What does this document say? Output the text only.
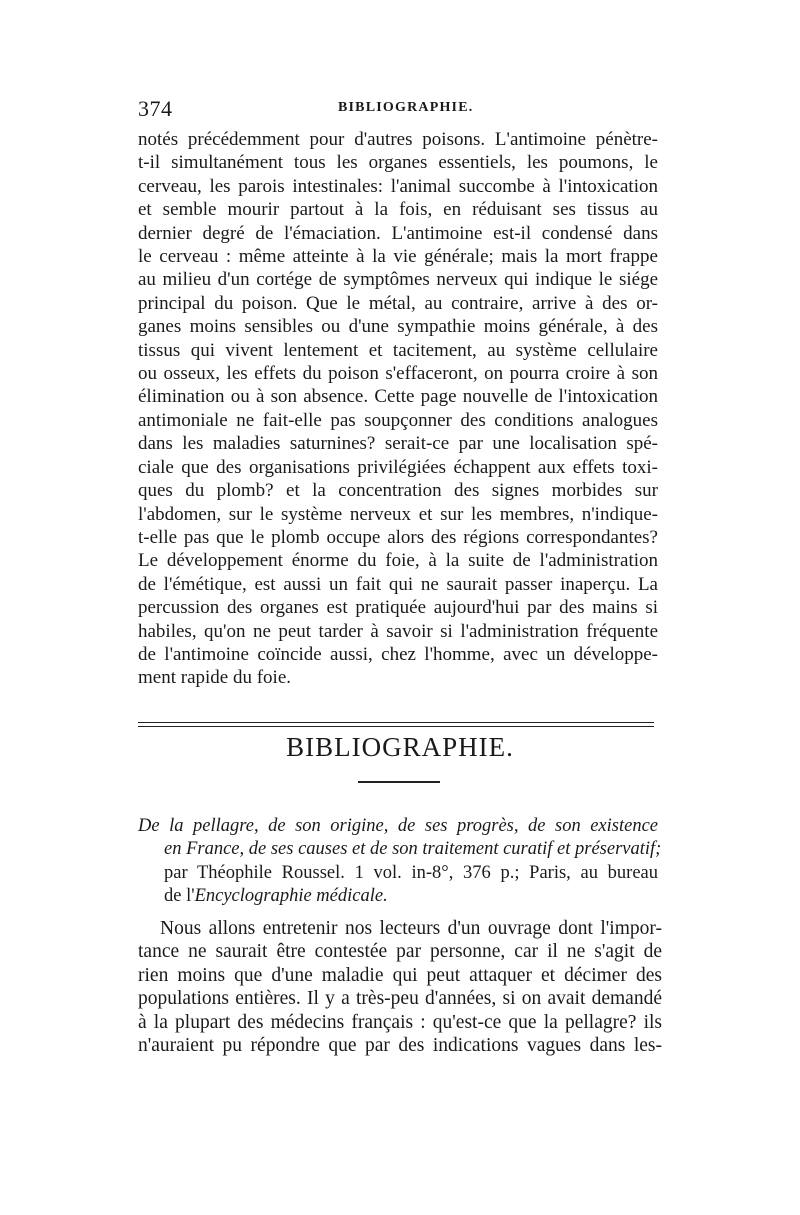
374	BIBLIOGRAPHIE.
notés précédemment pour d'autres poisons. L'antimoine pénètre-
t-il simultanément tous les organes essentiels, les poumons, le
cerveau, les parois intestinales: l'animal succombe à l'intoxication
et semble mourir partout à la fois, en réduisant ses tissus au
dernier degré de l'émaciation. L'antimoine est-il condensé dans
le cerveau : même atteinte à la vie générale; mais la mort frappe
au milieu d'un cortége de symptômes nerveux qui indique le siége
principal du poison. Que le métal, au contraire, arrive à des or-
ganes moins sensibles ou d'une sympathie moins générale, à des
tissus qui vivent lentement et tacitement, au système cellulaire
ou osseux, les effets du poison s'effaceront, on pourra croire à son
élimination ou à son absence. Cette page nouvelle de l'intoxication
antimoniale ne fait-elle pas soupçonner des conditions analogues
dans les maladies saturnines? serait-ce par une localisation spé-
ciale que des organisations privilégiées échappent aux effets toxi-
ques du plomb? et la concentration des signes morbides sur
l'abdomen, sur le système nerveux et sur les membres, n'indique-
t-elle pas que le plomb occupe alors des régions correspondantes?
Le développement énorme du foie, à la suite de l'administration
de l'émétique, est aussi un fait qui ne saurait passer inaperçu. La
percussion des organes est pratiquée aujourd'hui par des mains si
habiles, qu'on ne peut tarder à savoir si l'administration fréquente
de l'antimoine coïncide aussi, chez l'homme, avec un développe-
ment rapide du foie.
BIBLIOGRAPHIE.
De la pellagre, de son origine, de ses progrès, de son existence
en France, de ses causes et de son traitement curatif et préservatif;
par Théophile Roussel. 1 vol. in-8°, 376 p.; Paris, au bureau
de l'Encyclographie médicale.
Nous allons entretenir nos lecteurs d'un ouvrage dont l'impor-
tance ne saurait être contestée par personne, car il ne s'agit de
rien moins que d'une maladie qui peut attaquer et décimer des
populations entières. Il y a très-peu d'années, si on avait demandé
à la plupart des médecins français : qu'est-ce que la pellagre? ils
n'auraient pu répondre que par des indications vagues dans les-
